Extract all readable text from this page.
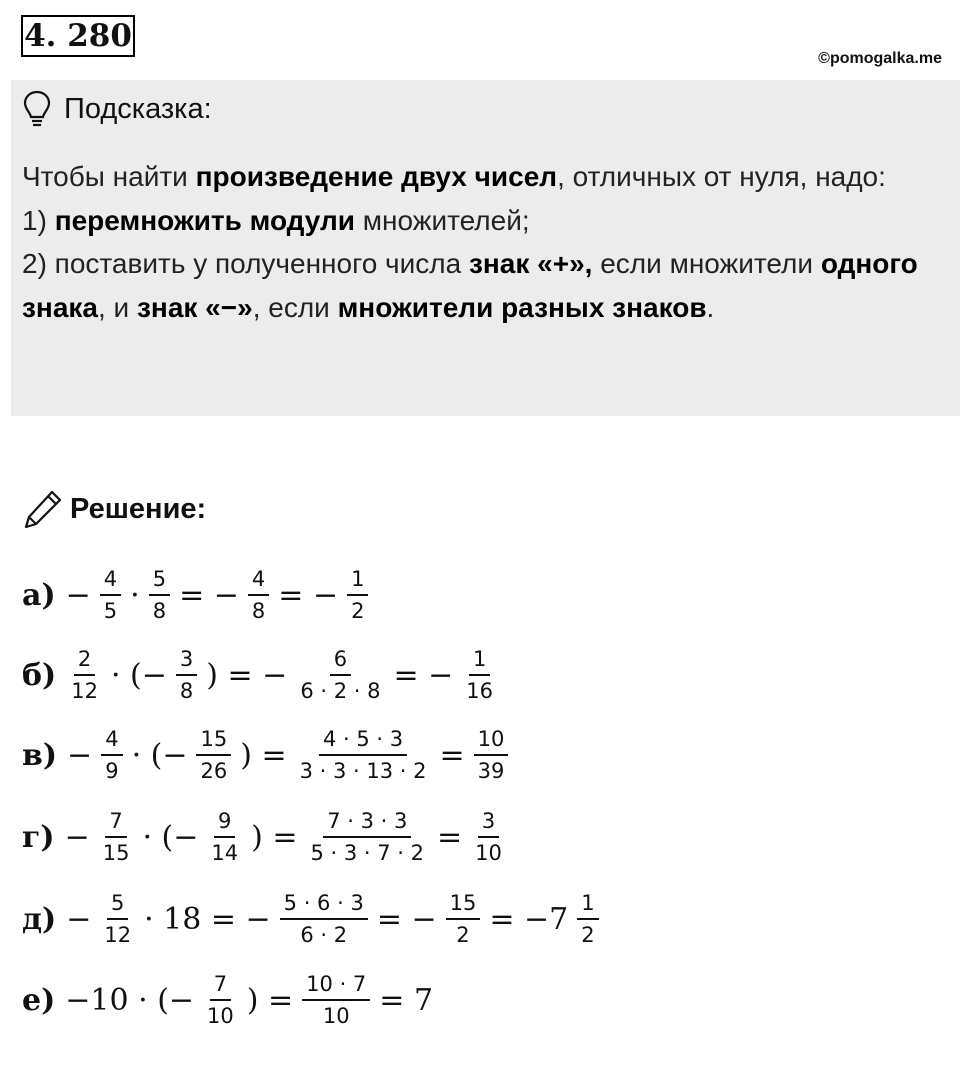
4. 280
©pomogalka.me
Подсказка:
Чтобы найти произведение двух чисел, отличных от нуля, надо:
1) перемножить модули множителей;
2) поставить у полученного числа знак «+», если множители одного знака, и знак «−», если множители разных знаков.
Решение:
$а) - \frac{4}{5} \cdot \frac{5}{8}$ = − $\frac{4}{8}$ = − $\frac{1}{2}$
$б) \frac{2}{12}$ · (− $\frac{3}{8}$ ) = − $\frac{6}{6 \cdot 2 \cdot 8}$ = − $\frac{1}{16}$
$в) - \frac{4}{9}$ · (− $\frac{15}{26}$ ) = $\frac{4 \cdot 5 \cdot 3}{3 \cdot 3 \cdot 13 \cdot 2} = \frac{10}{39}$
$г) - \frac{7}{15}$ · (− $\frac{9}{14}$ ) = $\frac{7 \cdot 3 \cdot 3}{5 \cdot 3 \cdot 7 \cdot 2} = \frac{3}{10}$
$д) - \frac{5}{12} \cdot 18$ = − $\frac{5 \cdot 6 \cdot 3}{6 \cdot 2}$ = − $\frac{15}{2} = -7 \frac{1}{2}$
е) −10 · (− $\frac{7}{10}$ ) = $\frac{10 \cdot 7}{10} = 7$
